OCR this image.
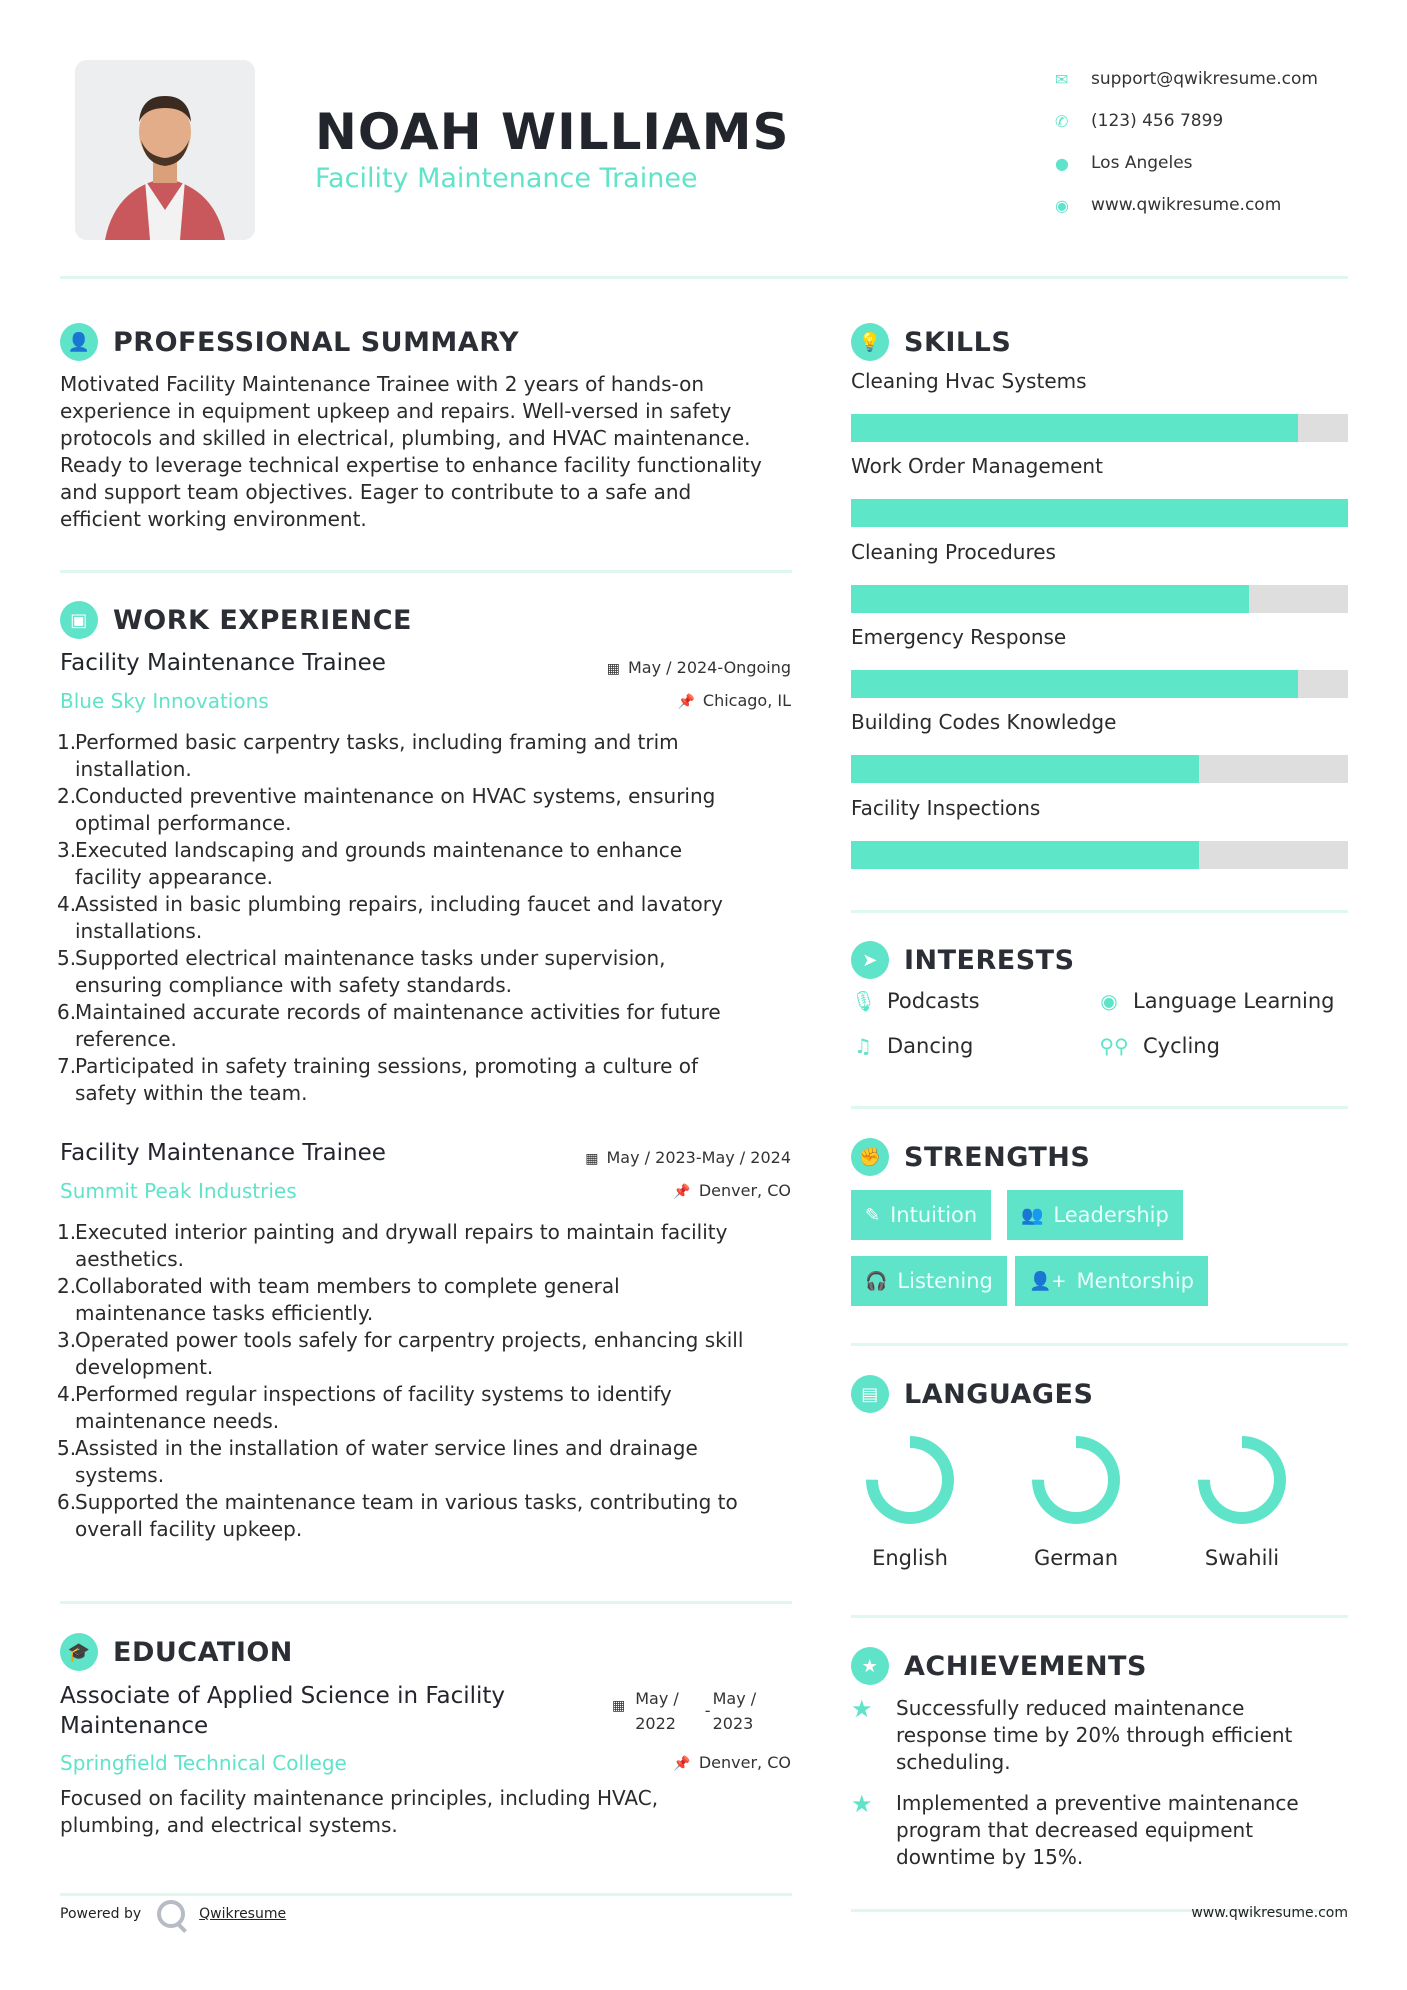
NOAH WILLIAMS
Facility Maintenance Trainee
✉	support@qwikresume.com
✆	(123) 456 7899
●	Los Angeles
◉	www.qwikresume.com
👤 PROFESSIONAL SUMMARY
Motivated Facility Maintenance Trainee with 2 years of hands-on
experience in equipment upkeep and repairs. Well-versed in safety
protocols and skilled in electrical, plumbing, and HVAC maintenance.
Ready to leverage technical expertise to enhance facility functionality
and support team objectives. Eager to contribute to a safe and
efficient working environment.
▣ WORK EXPERIENCE
Facility Maintenance Trainee
Blue Sky Innovations
▦ May / 2024-Ongoing
📌 Chicago, IL
1.
Performed basic carpentry tasks, including framing and trim
installation.
2.
Conducted preventive maintenance on HVAC systems, ensuring
optimal performance.
3.
Executed landscaping and grounds maintenance to enhance
facility appearance.
4.
Assisted in basic plumbing repairs, including faucet and lavatory
installations.
5.
Supported electrical maintenance tasks under supervision,
ensuring compliance with safety standards.
6.
Maintained accurate records of maintenance activities for future
reference.
7.
Participated in safety training sessions, promoting a culture of
safety within the team.
Facility Maintenance Trainee
Summit Peak Industries
▦ May / 2023-May / 2024
📌 Denver, CO
1.
Executed interior painting and drywall repairs to maintain facility
aesthetics.
2.
Collaborated with team members to complete general
maintenance tasks efficiently.
3.
Operated power tools safely for carpentry projects, enhancing skill
development.
4.
Performed regular inspections of facility systems to identify
maintenance needs.
5.
Assisted in the installation of water service lines and drainage
systems.
6.
Supported the maintenance team in various tasks, contributing to
overall facility upkeep.
🎓 EDUCATION
Associate of Applied Science in Facility
Maintenance
▦ May /
2022
-
May /
2023
Springfield Technical College	📌 Denver, CO
Focused on facility maintenance principles, including HVAC,
plumbing, and electrical systems.
💡 SKILLS
Cleaning Hvac Systems
Work Order Management
Cleaning Procedures
Emergency Response
Building Codes Knowledge
Facility Inspections
➤ INTERESTS
🎙 Podcasts	◉ Language Learning
♫ Dancing	⚲⚲ Cycling
✊ STRENGTHS
✎ Intuition 👥 Leadership
🎧 Listening 👤+ Mentorship
▤ LANGUAGES
English	German	Swahili
★ ACHIEVEMENTS
★	Successfully reduced maintenance
response time by 20% through efficient
scheduling.
★	Implemented a preventive maintenance
program that decreased equipment
downtime by 15%.
Powered by	Qwikresume	www.qwikresume.com
